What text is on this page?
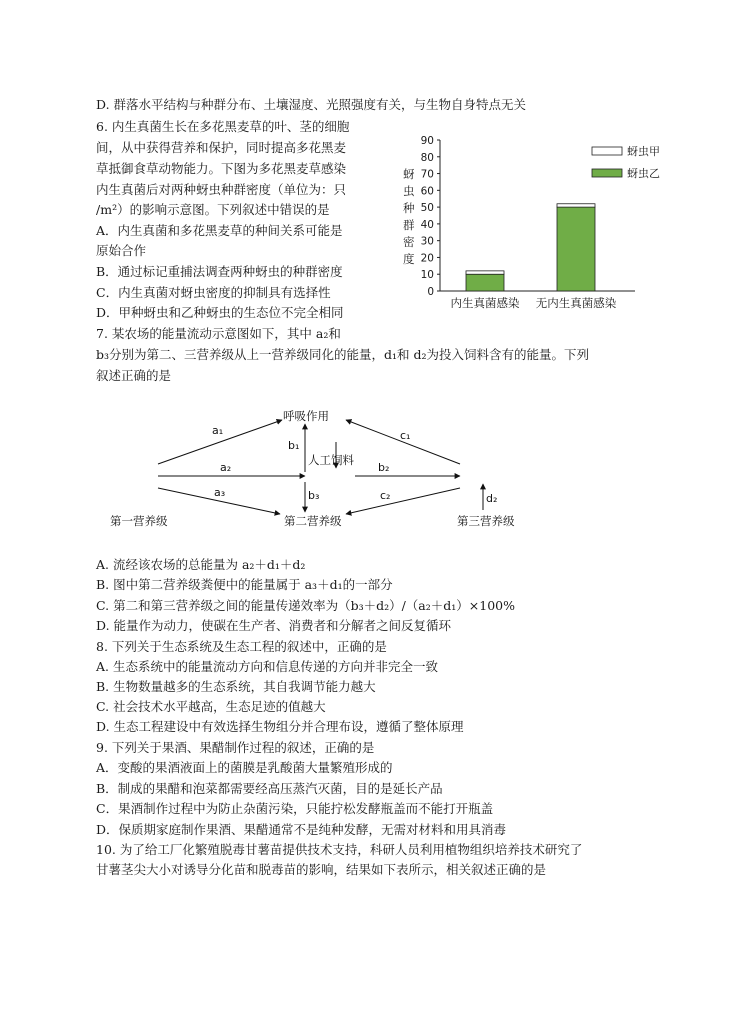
D. 群落水平结构与种群分布、土壤湿度、光照强度有关，与生物自身特点无关
6. 内生真菌生长在多花黑麦草的叶、茎的细胞
间，从中获得营养和保护，同时提高多花黑麦
草抵御食草动物能力。下图为多花黑麦草感染
内生真菌后对两种蚜虫种群密度（单位为：只
/m²）的影响示意图。下列叙述中错误的是
A．内生真菌和多花黑麦草的种间关系可能是
原始合作
B．通过标记重捕法调查两种蚜虫的种群密度
C．内生真菌对蚜虫密度的抑制具有选择性
D．甲种蚜虫和乙种蚜虫的生态位不完全相同
7. 某农场的能量流动示意图如下，其中 a₂和
b₃分别为第二、三营养级从上一营养级同化的能量，d₁和 d₂为投入饲料含有的能量。下列
叙述正确的是
A. 流经该农场的总能量为 a₂＋d₁＋d₂
B. 图中第二营养级粪便中的能量属于 a₃＋d₁的一部分
C. 第二和第三营养级之间的能量传递效率为（b₃＋d₂）/（a₂＋d₁）×100%
D. 能量作为动力，使碳在生产者、消费者和分解者之间反复循环
8. 下列关于生态系统及生态工程的叙述中，正确的是
A. 生态系统中的能量流动方向和信息传递的方向并非完全一致
B. 生物数量越多的生态系统，其自我调节能力越大
C. 社会技术水平越高，生态足迹的值越大
D. 生态工程建设中有效选择生物组分并合理布设，遵循了整体原理
9. 下列关于果酒、果醋制作过程的叙述，正确的是
A．变酸的果酒液面上的菌膜是乳酸菌大量繁殖形成的
B．制成的果醋和泡菜都需要经高压蒸汽灭菌，目的是延长产品
C．果酒制作过程中为防止杂菌污染，只能拧松发酵瓶盖而不能打开瓶盖
D．保质期家庭制作果酒、果醋通常不是纯种发酵，无需对材料和用具消毒
10. 为了给工厂化繁殖脱毒甘薯苗提供技术支持，科研人员利用植物组织培养技术研究了
甘薯茎尖大小对诱导分化苗和脱毒苗的影响，结果如下表所示，相关叙述正确的是
蚜
虫
种
群
密
度
0
10
20
30
40
50
60
70
80
90
内生真菌感染 无内生真菌感染
蚜虫甲
蚜虫乙
呼吸作用
第一营养级	第二营养级	第三营养级
人工饲料
a₁
a₂
a₃
b₁
b₃
b₂
c₁
c₂	d₂
